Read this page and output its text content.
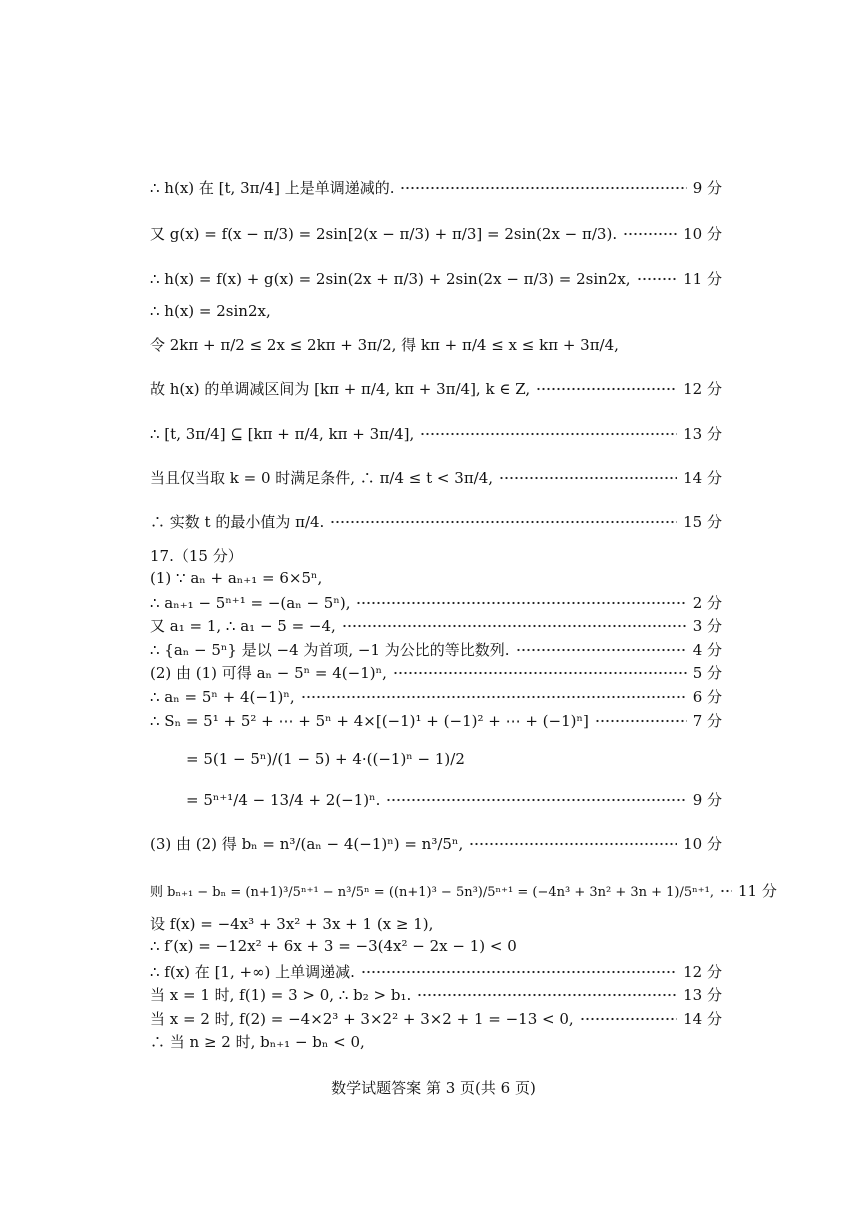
∴ h(x) 在 [t, 3π/4] 上是单调递减的.	9 分
又 g(x) = f(x − π/3) = 2sin[2(x − π/3) + π/3] = 2sin(2x − π/3).	10 分
∴ h(x) = f(x) + g(x) = 2sin(2x + π/3) + 2sin(2x − π/3) = 2sin2x,	11 分
∴ h(x) = 2sin2x,
令 2kπ + π/2 ≤ 2x ≤ 2kπ + 3π/2, 得 kπ + π/4 ≤ x ≤ kπ + 3π/4,
故 h(x) 的单调减区间为 [kπ + π/4, kπ + 3π/4], k ∈ Z,	12 分
∴ [t, 3π/4] ⊆ [kπ + π/4, kπ + 3π/4],	13 分
当且仅当取 k = 0 时满足条件, ∴ π/4 ≤ t < 3π/4,	14 分
∴ 实数 t 的最小值为 π/4.	15 分
17.（15 分）
(1) ∵ aₙ + aₙ₊₁ = 6×5ⁿ,
∴ aₙ₊₁ − 5ⁿ⁺¹ = −(aₙ − 5ⁿ),	2 分
又 a₁ = 1, ∴ a₁ − 5 = −4,	3 分
∴ {aₙ − 5ⁿ} 是以 −4 为首项, −1 为公比的等比数列.	4 分
(2) 由 (1) 可得 aₙ − 5ⁿ = 4(−1)ⁿ,	5 分
∴ aₙ = 5ⁿ + 4(−1)ⁿ,	6 分
∴ Sₙ = 5¹ + 5² + ⋯ + 5ⁿ + 4×[(−1)¹ + (−1)² + ⋯ + (−1)ⁿ]	7 分
= 5(1 − 5ⁿ)/(1 − 5) + 4·((−1)ⁿ − 1)/2
= 5ⁿ⁺¹/4 − 13/4 + 2(−1)ⁿ.	9 分
(3) 由 (2) 得 bₙ = n³/(aₙ − 4(−1)ⁿ) = n³/5ⁿ,	10 分
则 bₙ₊₁ − bₙ = (n+1)³/5ⁿ⁺¹ − n³/5ⁿ = ((n+1)³ − 5n³)/5ⁿ⁺¹ = (−4n³ + 3n² + 3n + 1)/5ⁿ⁺¹, 11 分
设 f(x) = −4x³ + 3x² + 3x + 1 (x ≥ 1),
∴ f′(x) = −12x² + 6x + 3 = −3(4x² − 2x − 1) < 0
∴ f(x) 在 [1, +∞) 上单调递减.	12 分
当 x = 1 时, f(1) = 3 > 0, ∴ b₂ > b₁.	13 分
当 x = 2 时, f(2) = −4×2³ + 3×2² + 3×2 + 1 = −13 < 0,	14 分
∴ 当 n ≥ 2 时, bₙ₊₁ − bₙ < 0,
数学试题答案 第 3 页(共 6 页)
